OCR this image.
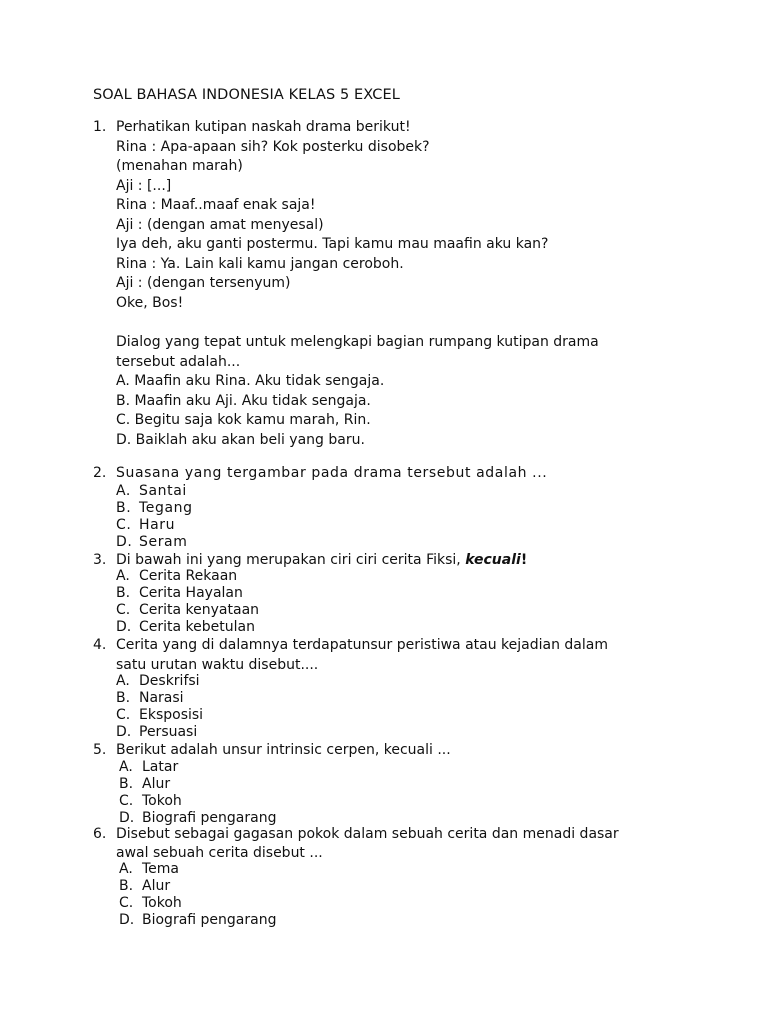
SOAL BAHASA INDONESIA KELAS 5 EXCEL
1. Perhatikan kutipan naskah drama berikut!
Rina : Apa-apaan sih? Kok posterku disobek?
(menahan marah)
Aji : [...]
Rina : Maaf..maaf enak saja!
Aji : (dengan amat menyesal)
Iya deh, aku ganti postermu. Tapi kamu mau maafin aku kan?
Rina : Ya. Lain kali kamu jangan ceroboh.
Aji : (dengan tersenyum)
Oke, Bos!
Dialog yang tepat untuk melengkapi bagian rumpang kutipan drama
tersebut adalah...
A. Maafin aku Rina. Aku tidak sengaja.
B. Maafin aku Aji. Aku tidak sengaja.
C. Begitu saja kok kamu marah, Rin.
D. Baiklah aku akan beli yang baru.
2. Suasana yang tergambar pada drama tersebut adalah ...
A. Santai
B. Tegang
C. Haru
D. Seram
3. Di bawah ini yang merupakan ciri ciri cerita Fiksi, kecuali!
A. Cerita Rekaan
B. Cerita Hayalan
C. Cerita kenyataan
D. Cerita kebetulan
4. Cerita yang di dalamnya terdapatunsur peristiwa atau kejadian dalam
satu urutan waktu disebut....
A. Deskrifsi
B. Narasi
C. Eksposisi
D. Persuasi
5. Berikut adalah unsur intrinsic cerpen, kecuali ...
A. Latar
B. Alur
C. Tokoh
D. Biografi pengarang
6. Disebut sebagai gagasan pokok dalam sebuah cerita dan menadi dasar
awal sebuah cerita disebut ...
A. Tema
B. Alur
C. Tokoh
D. Biografi pengarang
